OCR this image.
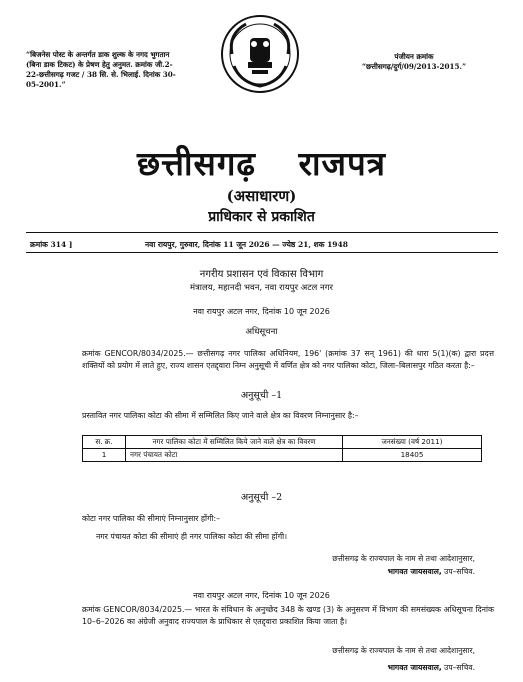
“बिजनेस पोस्ट के अन्तर्गत डाक शुल्क के नगद भुगतान (बिना डाक टिकट) के प्रेषण हेतु अनुमत. क्रमांक जी.2-22-छत्तीसगढ़ गजट / 38 सि. से. भिलाई. दिनांक 30-05-2001.”
पंजीयन क्रमांक
“छत्तीसगढ़/दुर्ग/09/2013-2015.”
छत्तीसगढ़ राजपत्र
(असाधारण)
प्राधिकार से प्रकाशित
क्रमांक 314 ]	नवा रायपुर, गुरुवार, दिनांक 11 जून 2026 — ज्येष्ठ 21, शक 1948
नगरीय प्रशासन एवं विकास विभाग
मंत्रालय, महानदी भवन, नवा रायपुर अटल नगर
नवा रायपुर अटल नगर, दिनांक 10 जून 2026
अधिसूचना
क्रमांक GENCOR/8034/2025.— छत्तीसगढ़ नगर पालिका अधिनियम, 196' (क्रमांक 37 सन् 1961) की धारा 5(1)(क) द्वारा प्रदत्त शक्तियों को प्रयोग में लाते हुए, राज्य शासन एतद्द्वारा निम्न अनुसूची में वर्णित क्षेत्र को नगर पालिका कोटा, जिला–बिलासपुर गठित करता है:–
अनुसूची –1
प्रस्तावित नगर पालिका कोटा की सीमा में सम्मिलित किए जाने वाले क्षेत्र का विवरण निम्नानुसार है:–
स. क्र.	नगर पालिका कोटा में सम्मिलित किये जाने वाले क्षेत्र का विवरण	जनसंख्या (वर्ष 2011)
1	नगर पंचायत कोटा	18405
अनुसूची –2
कोटा नगर पालिका की सीमाएं निम्नानुसार होंगी:–
नगर पंचायत कोटा की सीमाएं ही नगर पालिका कोटा की सीमा होंगी।
छत्तीसगढ़ के राज्यपाल के नाम से तथा आदेशानुसार,
भागवत जायसवाल, उप–सचिव.
नवा रायपुर अटल नगर, दिनांक 10 जून 2026
क्रमांक GENCOR/8034/2025.— भारत के संविधान के अनुच्छेद 348 के खण्ड (3) के अनुसरण में विभाग की समसंख्यक अधिसूचना दिनांक 10–6–2026 का अंग्रेजी अनुवाद राज्यपाल के प्राधिकार से एतद्द्वारा प्रकाशित किया जाता है।
छत्तीसगढ़ के राज्यपाल के नाम से तथा आदेशानुसार,
भागवत जायसवाल, उप–सचिव.
